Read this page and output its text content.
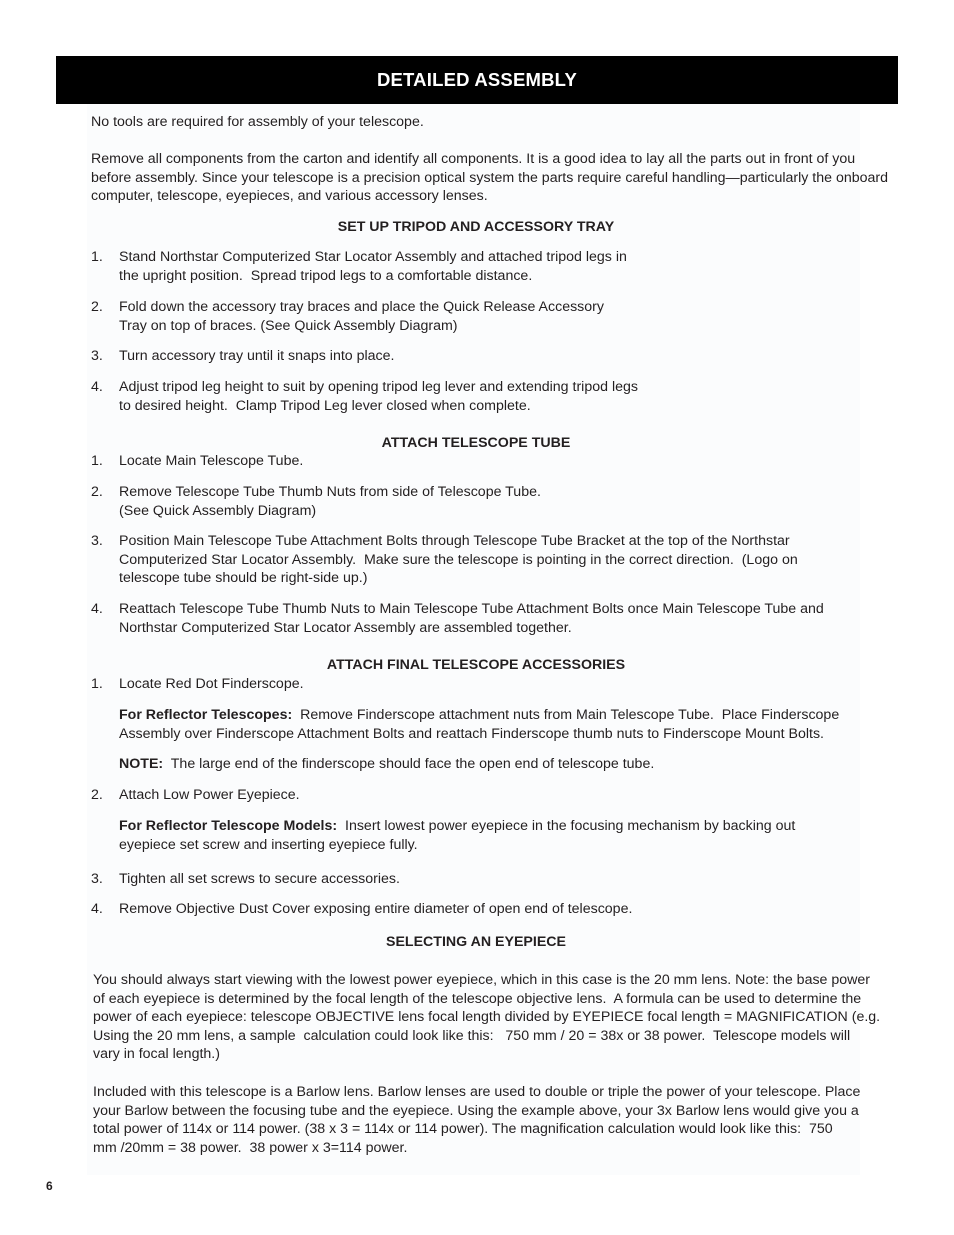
DETAILED ASSEMBLY

No tools are required for assembly of your telescope.

Remove all components from the carton and identify all components. It is a good idea to lay all the parts out in front of you
before assembly. Since your telescope is a precision optical system the parts require careful handling—particularly the onboard
computer, telescope, eyepieces, and various accessory lenses.

SET UP TRIPOD AND ACCESSORY TRAY

1. Stand Northstar Computerized Star Locator Assembly and attached tripod legs in
the upright position.  Spread tripod legs to a comfortable distance.
2. Fold down the accessory tray braces and place the Quick Release Accessory
Tray on top of braces. (See Quick Assembly Diagram)
3. Turn accessory tray until it snaps into place.
4. Adjust tripod leg height to suit by opening tripod leg lever and extending tripod legs
to desired height.  Clamp Tripod Leg lever closed when complete.

ATTACH TELESCOPE TUBE

1. Locate Main Telescope Tube.
2. Remove Telescope Tube Thumb Nuts from side of Telescope Tube.
(See Quick Assembly Diagram)
3. Position Main Telescope Tube Attachment Bolts through Telescope Tube Bracket at the top of the Northstar
Computerized Star Locator Assembly.  Make sure the telescope is pointing in the correct direction.  (Logo on
telescope tube should be right-side up.)
4. Reattach Telescope Tube Thumb Nuts to Main Telescope Tube Attachment Bolts once Main Telescope Tube and
Northstar Computerized Star Locator Assembly are assembled together.

ATTACH FINAL TELESCOPE ACCESSORIES

1. Locate Red Dot Finderscope.
For Reflector Telescopes:  Remove Finderscope attachment nuts from Main Telescope Tube.  Place Finderscope
Assembly over Finderscope Attachment Bolts and reattach Finderscope thumb nuts to Finderscope Mount Bolts.
NOTE:  The large end of the finderscope should face the open end of telescope tube.
2. Attach Low Power Eyepiece.
For Reflector Telescope Models:  Insert lowest power eyepiece in the focusing mechanism by backing out
eyepiece set screw and inserting eyepiece fully.
3. Tighten all set screws to secure accessories.
4. Remove Objective Dust Cover exposing entire diameter of open end of telescope.

SELECTING AN EYEPIECE

You should always start viewing with the lowest power eyepiece, which in this case is the 20 mm lens. Note: the base power
of each eyepiece is determined by the focal length of the telescope objective lens.  A formula can be used to determine the
power of each eyepiece: telescope OBJECTIVE lens focal length divided by EYEPIECE focal length = MAGNIFICATION (e.g.
Using the 20 mm lens, a sample  calculation could look like this:   750 mm / 20 = 38x or 38 power.  Telescope models will
vary in focal length.)
Included with this telescope is a Barlow lens. Barlow lenses are used to double or triple the power of your telescope. Place
your Barlow between the focusing tube and the eyepiece. Using the example above, your 3x Barlow lens would give you a
total power of 114x or 114 power. (38 x 3 = 114x or 114 power). The magnification calculation would look like this:  750
mm /20mm = 38 power.  38 power x 3=114 power.
6
